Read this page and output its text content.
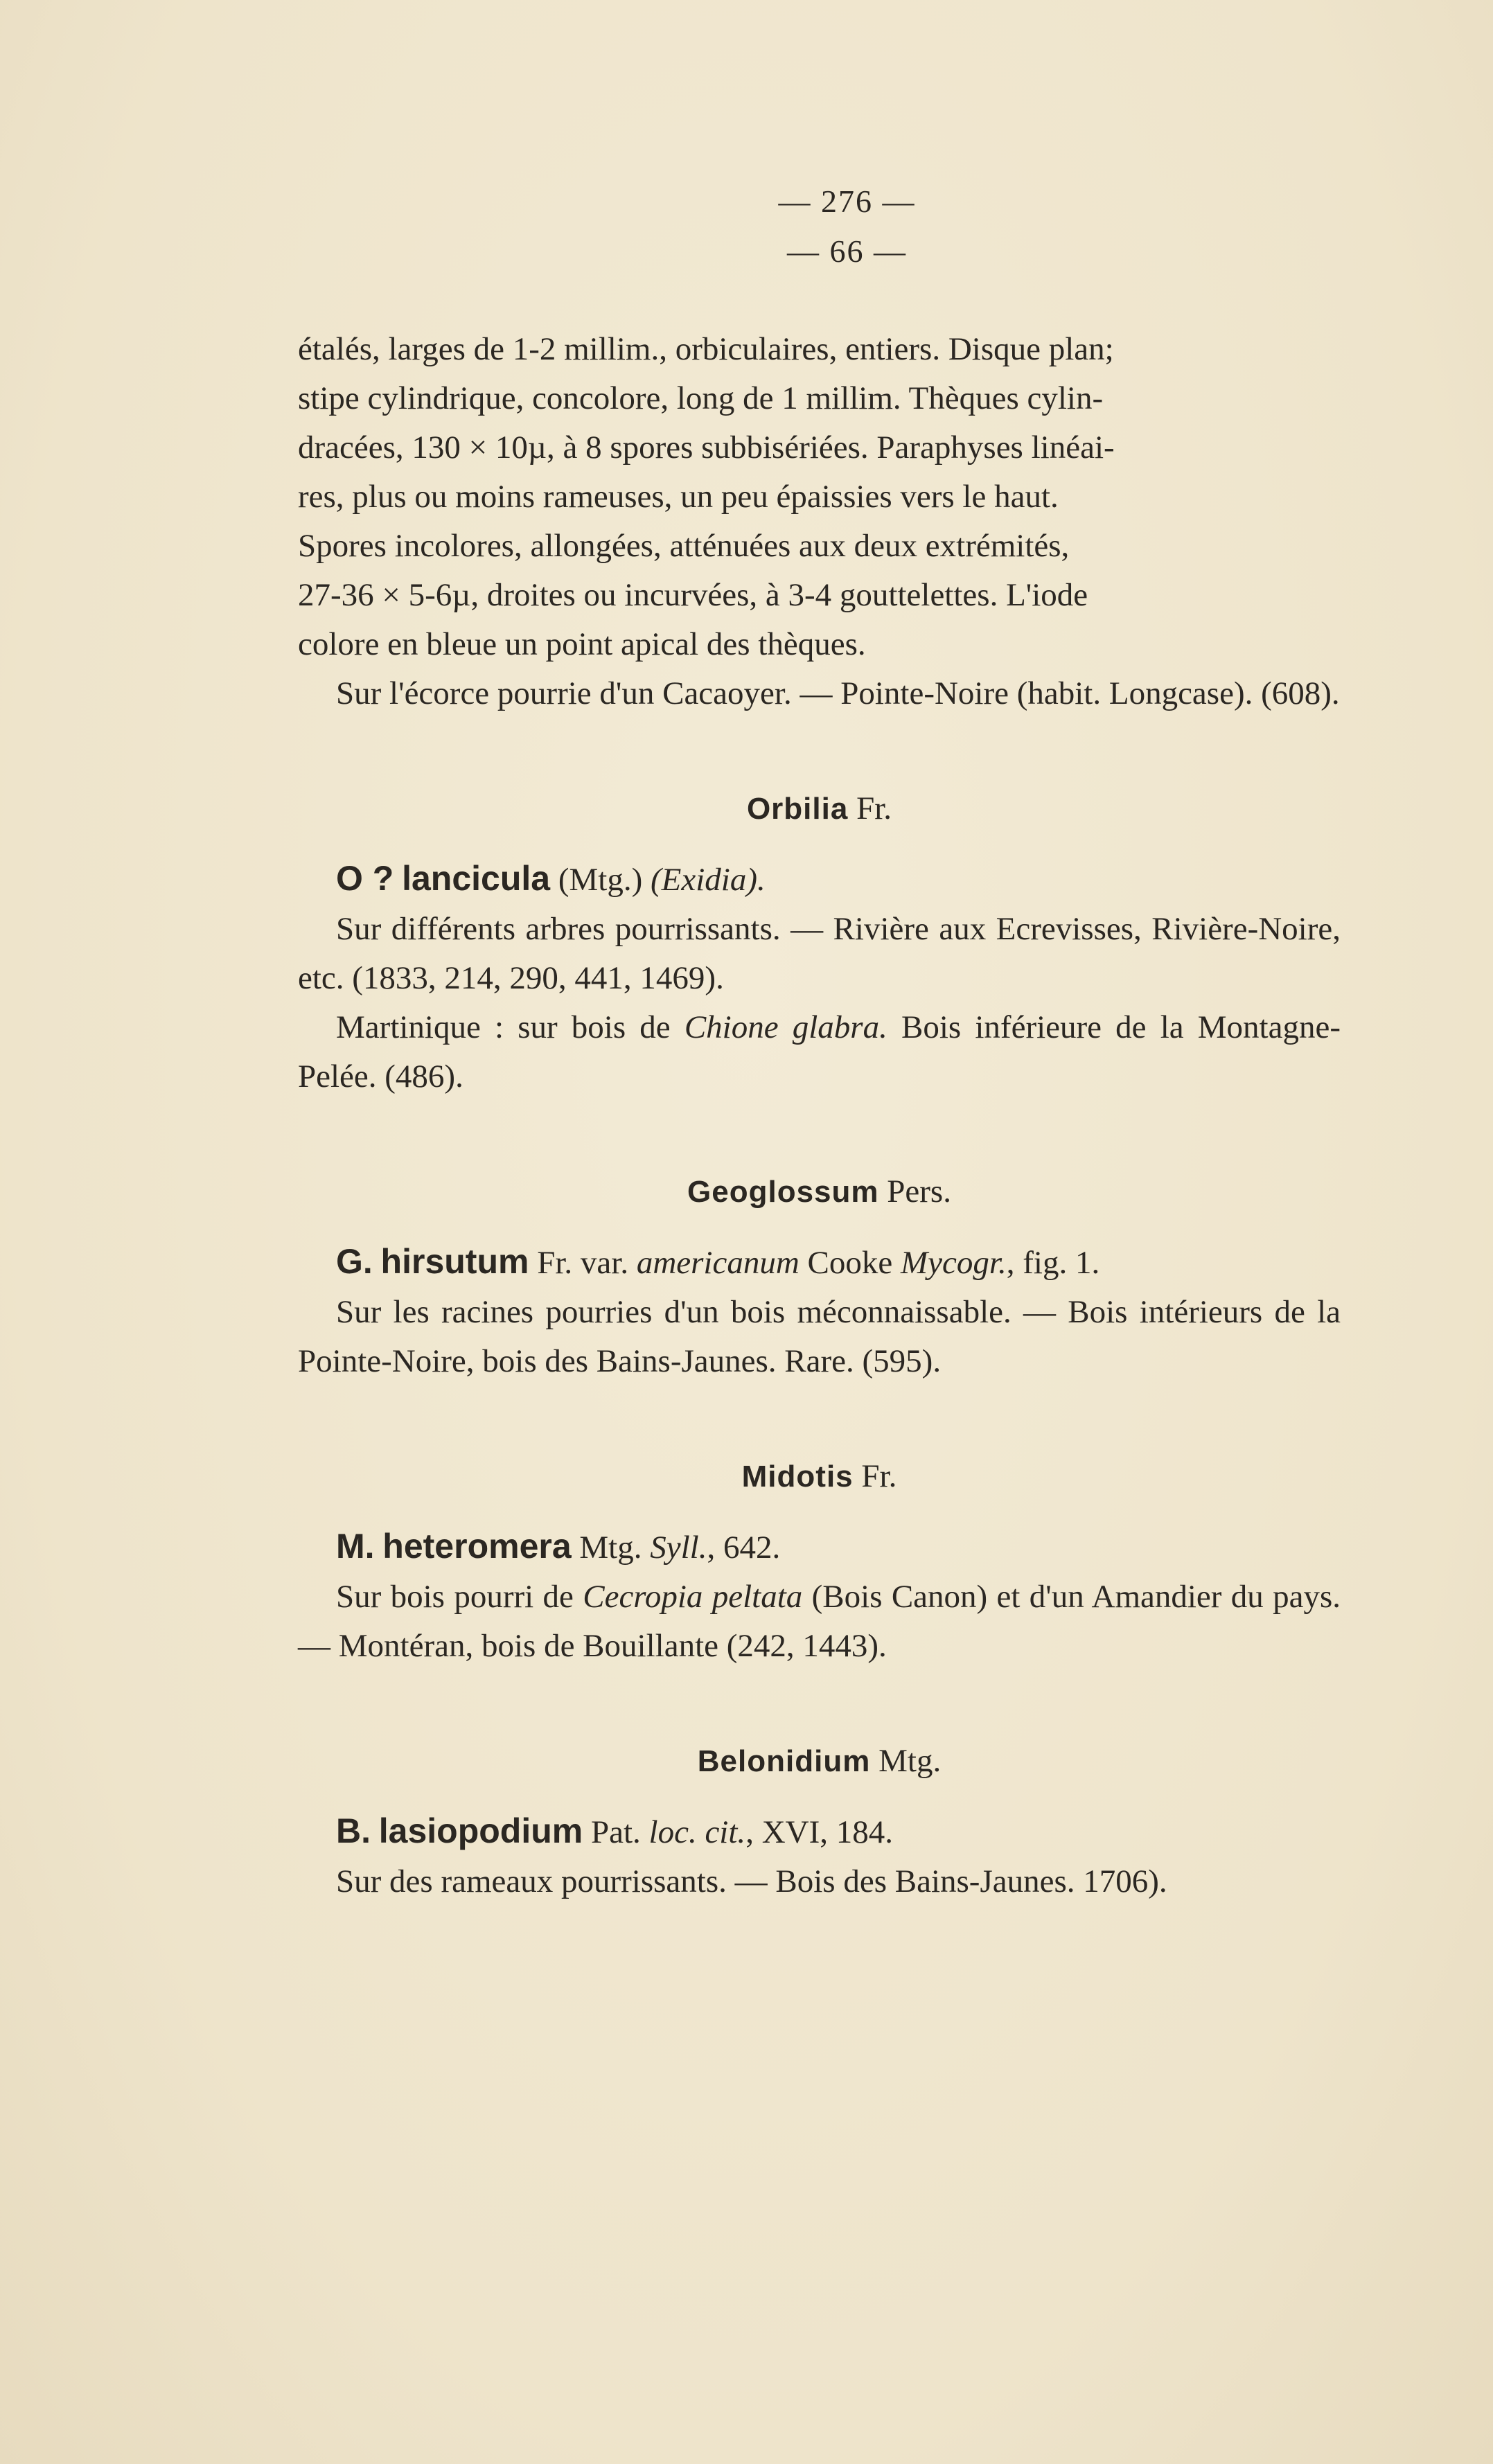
— 276 —
— 66 —

étalés, larges de 1-2 millim., orbiculaires, entiers. Disque plan;

stipe cylindrique, concolore, long de 1 millim. Thèques cylin-

dracées, 130 × 10µ, à 8 spores subbisériées. Paraphyses linéai-

res, plus ou moins rameuses, un peu épaissies vers le haut.

Spores incolores, allongées, atténuées aux deux extrémités,

27-36 × 5-6µ, droites ou incurvées, à 3-4 gouttelettes. L'iode

colore en bleue un point apical des thèques.

Sur l'écorce pourrie d'un Cacaoyer. — Pointe-Noire (habit. Longcase). (608).

Orbilia Fr.

O ? lancicula (Mtg.) (Exidia).

Sur différents arbres pourrissants. — Rivière aux Ecrevisses, Rivière-Noire, etc. (1833, 214, 290, 441, 1469).

Martinique : sur bois de Chione glabra. Bois inférieure de la Montagne-Pelée. (486).

Geoglossum Pers.

G. hirsutum Fr. var. americanum Cooke Mycogr., fig. 1.

Sur les racines pourries d'un bois méconnaissable. — Bois intérieurs de la Pointe-Noire, bois des Bains-Jaunes. Rare. (595).

Midotis Fr.

M. heteromera Mtg. Syll., 642.

Sur bois pourri de Cecropia peltata (Bois Canon) et d'un Amandier du pays. — Montéran, bois de Bouillante (242, 1443).

Belonidium Mtg.

B. lasiopodium Pat. loc. cit., XVI, 184.

Sur des rameaux pourrissants. — Bois des Bains-Jaunes. 1706).
